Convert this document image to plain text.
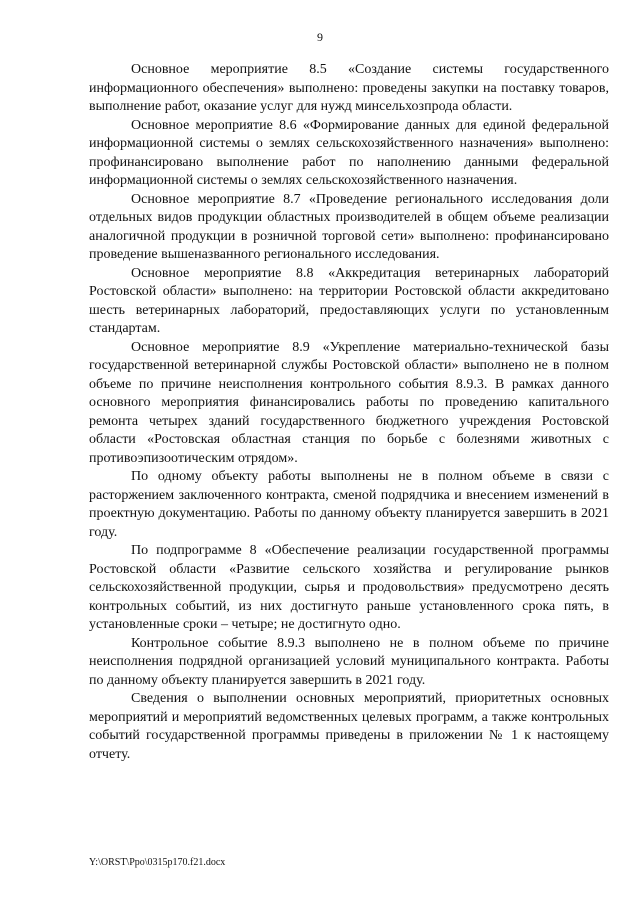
9

Основное мероприятие 8.5 «Создание системы государственного информационного обеспечения» выполнено: проведены закупки на поставку товаров, выполнение работ, оказание услуг для нужд минсельхозпрода области.

Основное мероприятие 8.6 «Формирование данных для единой федеральной информационной системы о землях сельскохозяйственного назначения» выполнено: профинансировано выполнение работ по наполнению данными федеральной информационной системы о землях сельскохозяйственного назначения.

Основное мероприятие 8.7 «Проведение регионального исследования доли отдельных видов продукции областных производителей в общем объеме реализации аналогичной продукции в розничной торговой сети» выполнено: профинансировано проведение вышеназванного регионального исследования.

Основное мероприятие 8.8 «Аккредитация ветеринарных лабораторий Ростовской области» выполнено: на территории Ростовской области аккредитовано шесть ветеринарных лабораторий, предоставляющих услуги по установленным стандартам.

Основное мероприятие 8.9 «Укрепление материально-технической базы государственной ветеринарной службы Ростовской области» выполнено не в полном объеме по причине неисполнения контрольного события 8.9.3. В рамках данного основного мероприятия финансировались работы по проведению капитального ремонта четырех зданий государственного бюджетного учреждения Ростовской области «Ростовская областная станция по борьбе с болезнями животных с противоэпизоотическим отрядом».

По одному объекту работы выполнены не в полном объеме в связи с расторжением заключенного контракта, сменой подрядчика и внесением изменений в проектную документацию. Работы по данному объекту планируется завершить в 2021 году.

По подпрограмме 8 «Обеспечение реализации государственной программы Ростовской области «Развитие сельского хозяйства и регулирование рынков сельскохозяйственной продукции, сырья и продовольствия» предусмотрено десять контрольных событий, из них достигнуто раньше установленного срока пять, в установленные сроки – четыре; не достигнуто одно.

Контрольное событие 8.9.3 выполнено не в полном объеме по причине неисполнения подрядной организацией условий муниципального контракта. Работы по данному объекту планируется завершить в 2021 году.

Сведения о выполнении основных мероприятий, приоритетных основных мероприятий и мероприятий ведомственных целевых программ, а также контрольных событий государственной программы приведены в приложении № 1 к настоящему отчету.

Y:\ORST\Ppo\0315p170.f21.docx
